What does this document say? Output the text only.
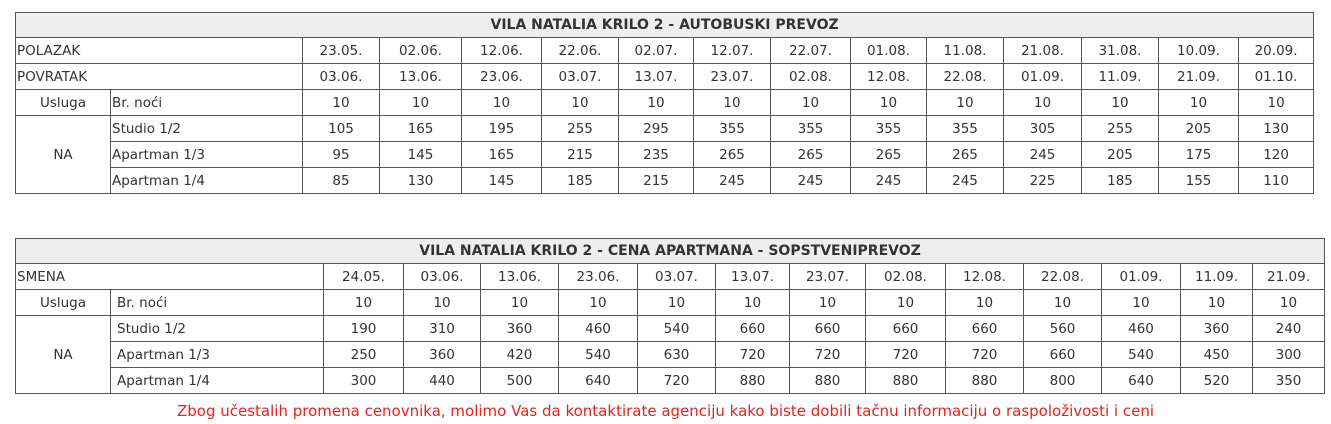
VILA NATALIA KRILO 2 - AUTOBUSKI PREVOZ														
POLAZAK		23.05.	02.06.	12.06.	22.06.	02.07.	12.07.	22.07.	01.08.	11.08.	21.08.	31.08.	10.09.	20.09.
POVRATAK		03.06.	13.06.	23.06.	03.07.	13.07.	23.07.	02.08.	12.08.	22.08.	01.09.	11.09.	21.09.	01.10.
Usluga	Br. noći	10	10	10	10	10	10	10	10	10	10	10	10	10
NA	Studio 1/2	105	165	195	255	295	355	355	355	355	305	255	205	130
	Apartman 1/3	95	145	165	215	235	265	265	265	265	245	205	175	120
	Apartman 1/4	85	130	145	185	215	245	245	245	245	225	185	155	110
VILA NATALIA KRILO 2 - CENA APARTMANA - SOPSTVENIPREVOZ														
SMENA		24.05.	03.06.	13.06.	23.06.	03.07.	13.07.	23.07.	02.08.	12.08.	22.08.	01.09.	11.09.	21.09.
Usluga	Br. noći	10	10	10	10	10	10	10	10	10	10	10	10	10
NA	Studio 1/2	190	310	360	460	540	660	660	660	660	560	460	360	240
	Apartman 1/3	250	360	420	540	630	720	720	720	720	660	540	450	300
	Apartman 1/4	300	440	500	640	720	880	880	880	880	800	640	520	350
Zbog učestalih promena cenovnika, molimo Vas da kontaktirate agenciju kako biste dobili tačnu informaciju o raspoloživosti i ceni
